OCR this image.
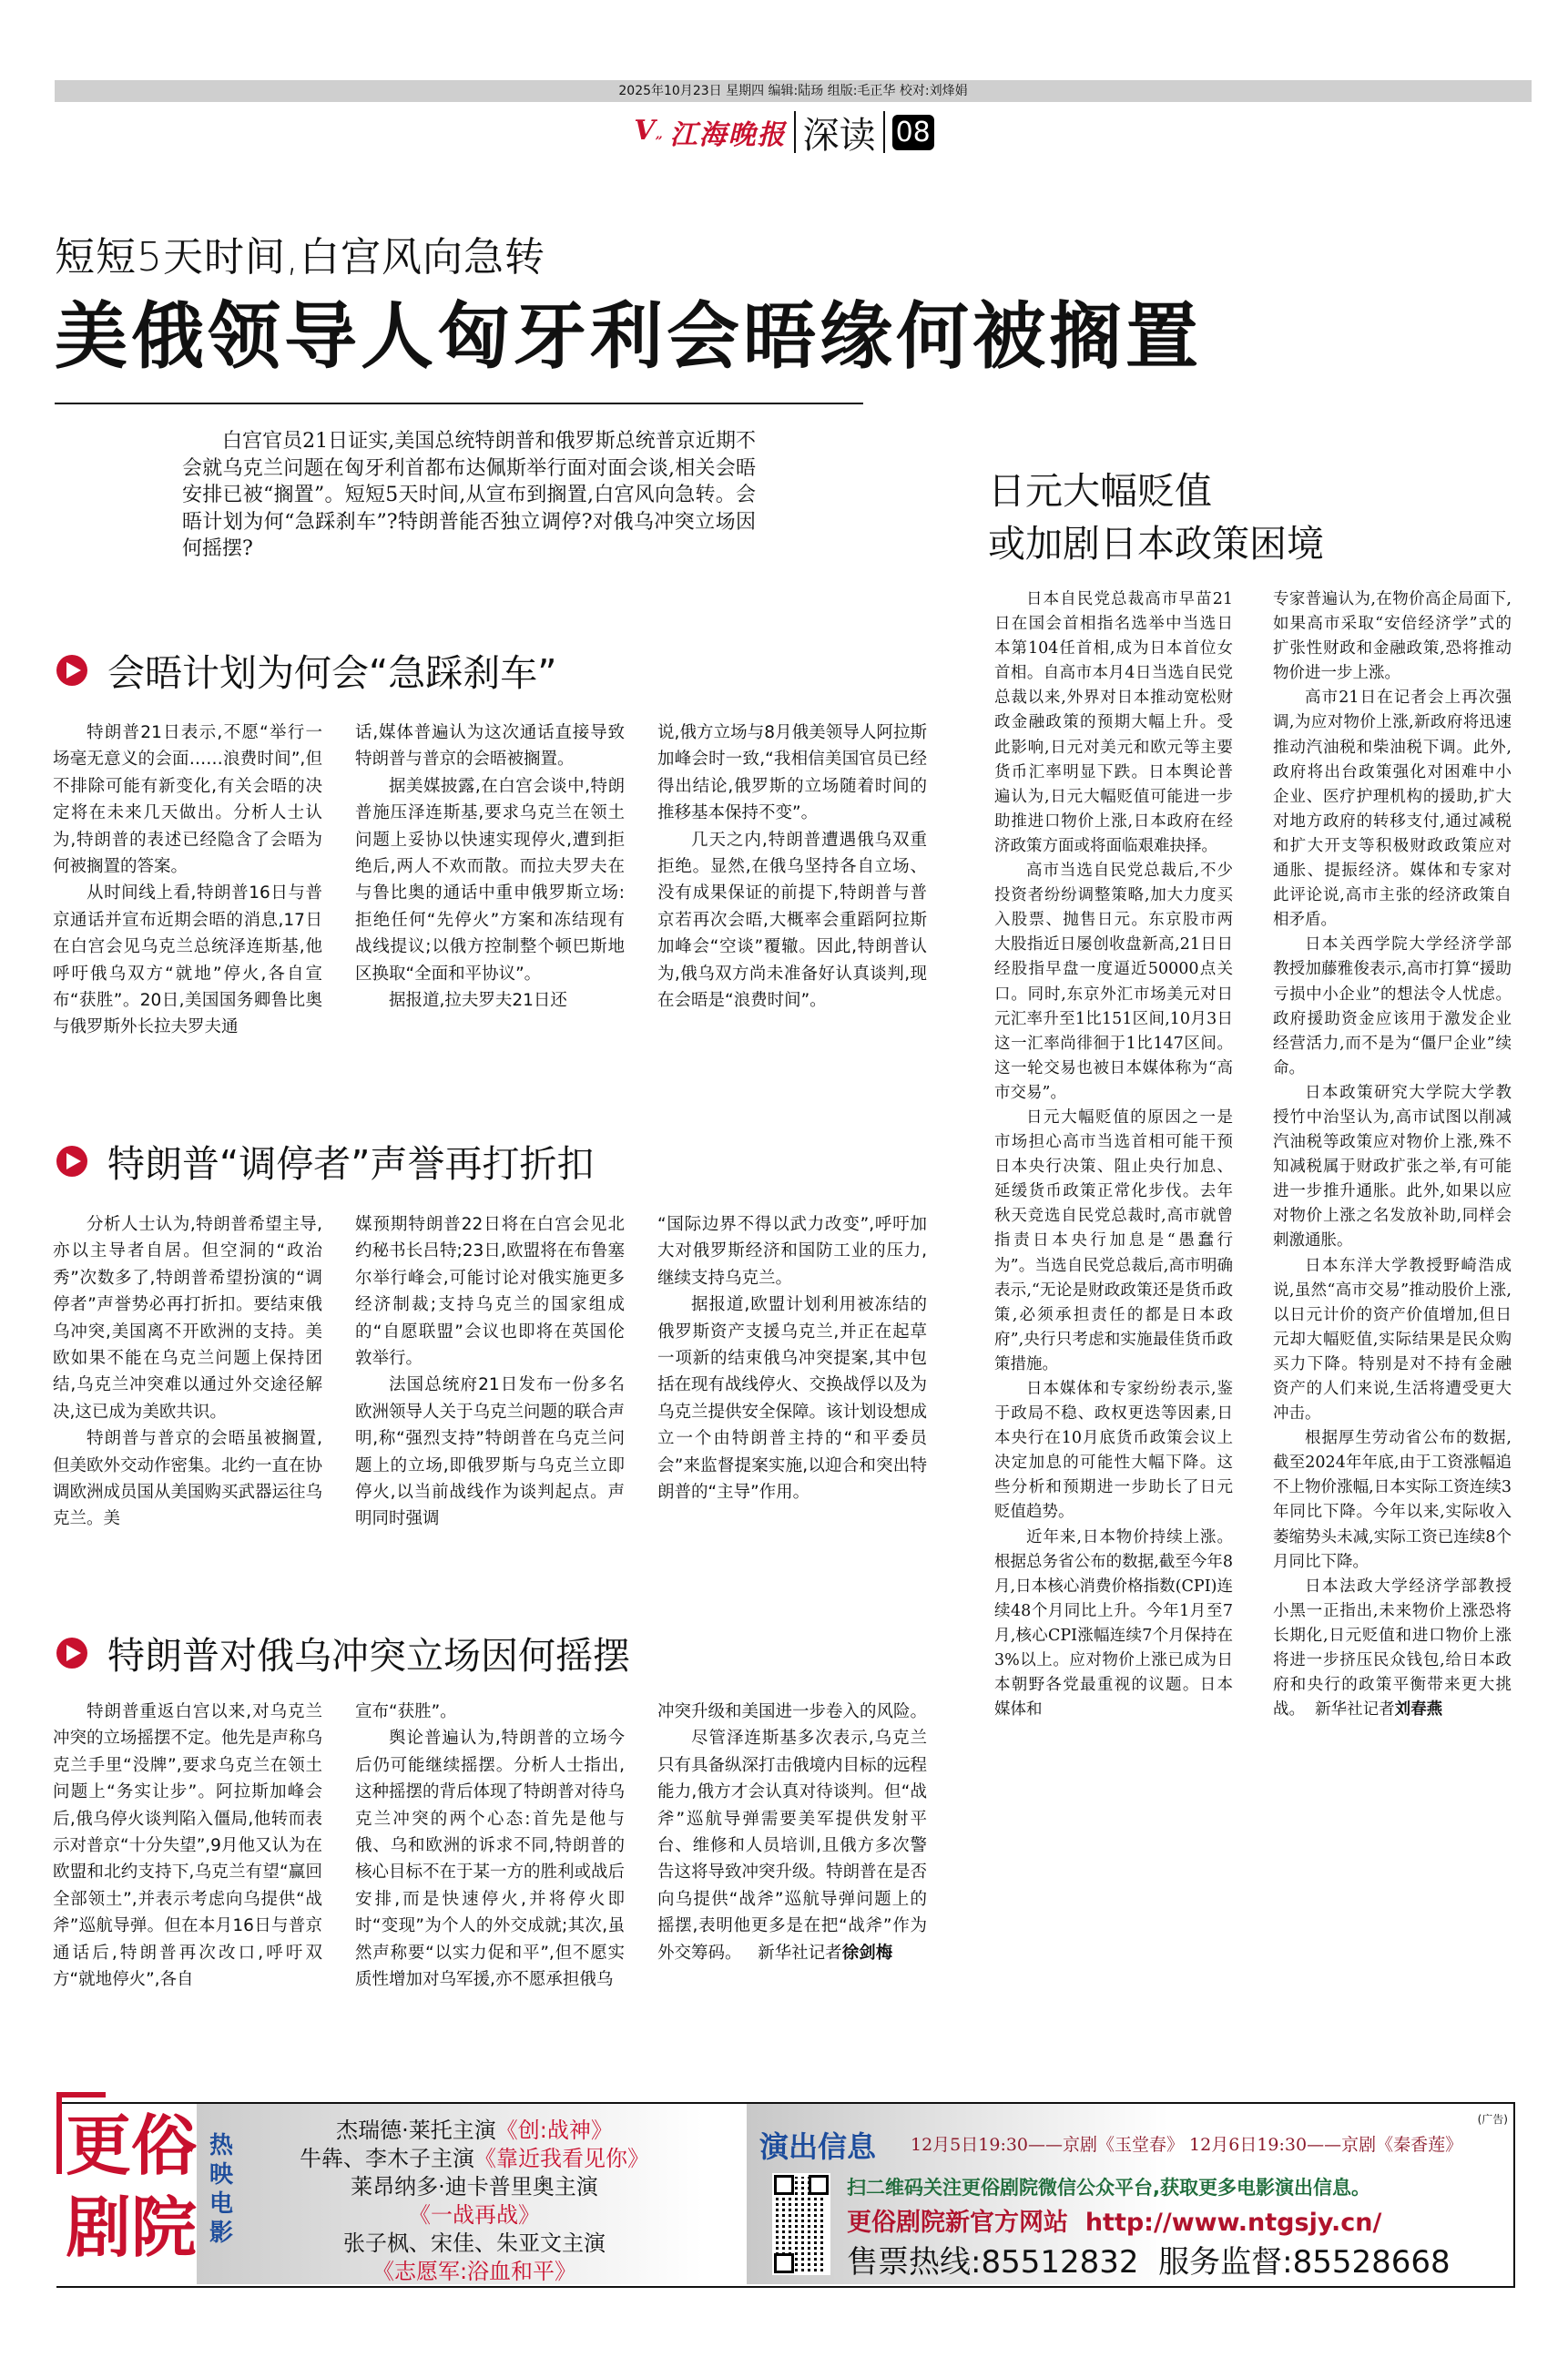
2025年10月23日 星期四 编辑:陆玚 组版:毛正华 校对:刘烽娟
$V_”$ 江海晚报 深读 08
短短5天时间,白宫风向急转
美俄领导人匈牙利会晤缘何被搁置
白宫官员21日证实,美国总统特朗普和俄罗斯总统普京近期不会就乌克兰问题在匈牙利首都布达佩斯举行面对面会谈,相关会晤安排已被“搁置”。短短5天时间,从宣布到搁置,白宫风向急转。会晤计划为何“急踩刹车”?特朗普能否独立调停?对俄乌冲突立场因何摇摆?
日元大幅贬值
或加剧日本政策困境
会晤计划为何会“急踩刹车”

特朗普21日表示,不愿“举行一场毫无意义的会面……浪费时间”,但不排除可能有新变化,有关会晤的决定将在未来几天做出。分析人士认为,特朗普的表述已经隐含了会晤为何被搁置的答案。

从时间线上看,特朗普16日与普京通话并宣布近期会晤的消息,17日在白宫会见乌克兰总统泽连斯基,他呼吁俄乌双方“就地”停火,各自宣布“获胜”。20日,美国国务卿鲁比奥与俄罗斯外长拉夫罗夫通

话,媒体普遍认为这次通话直接导致特朗普与普京的会晤被搁置。

据美媒披露,在白宫会谈中,特朗普施压泽连斯基,要求乌克兰在领土问题上妥协以快速实现停火,遭到拒绝后,两人不欢而散。而拉夫罗夫在与鲁比奥的通话中重申俄罗斯立场:拒绝任何“先停火”方案和冻结现有战线提议;以俄方控制整个顿巴斯地区换取“全面和平协议”。

据报道,拉夫罗夫21日还

说,俄方立场与8月俄美领导人阿拉斯加峰会时一致,“我相信美国官员已经得出结论,俄罗斯的立场随着时间的推移基本保持不变”。

几天之内,特朗普遭遇俄乌双重拒绝。显然,在俄乌坚持各自立场、没有成果保证的前提下,特朗普与普京若再次会晤,大概率会重蹈阿拉斯加峰会“空谈”覆辙。因此,特朗普认为,俄乌双方尚未准备好认真谈判,现在会晤是“浪费时间”。

特朗普“调停者”声誉再打折扣

分析人士认为,特朗普希望主导,亦以主导者自居。但空洞的“政治秀”次数多了,特朗普希望扮演的“调停者”声誉势必再打折扣。要结束俄乌冲突,美国离不开欧洲的支持。美欧如果不能在乌克兰问题上保持团结,乌克兰冲突难以通过外交途径解决,这已成为美欧共识。

特朗普与普京的会晤虽被搁置,但美欧外交动作密集。北约一直在协调欧洲成员国从美国购买武器运往乌克兰。美

媒预期特朗普22日将在白宫会见北约秘书长吕特;23日,欧盟将在布鲁塞尔举行峰会,可能讨论对俄实施更多经济制裁;支持乌克兰的国家组成的“自愿联盟”会议也即将在英国伦敦举行。

法国总统府21日发布一份多名欧洲领导人关于乌克兰问题的联合声明,称“强烈支持”特朗普在乌克兰问题上的立场,即俄罗斯与乌克兰立即停火,以当前战线作为谈判起点。声明同时强调

“国际边界不得以武力改变”,呼吁加大对俄罗斯经济和国防工业的压力,继续支持乌克兰。

据报道,欧盟计划利用被冻结的俄罗斯资产支援乌克兰,并正在起草一项新的结束俄乌冲突提案,其中包括在现有战线停火、交换战俘以及为乌克兰提供安全保障。该计划设想成立一个由特朗普主持的“和平委员会”来监督提案实施,以迎合和突出特朗普的“主导”作用。

特朗普对俄乌冲突立场因何摇摆

特朗普重返白宫以来,对乌克兰冲突的立场摇摆不定。他先是声称乌克兰手里“没牌”,要求乌克兰在领土问题上“务实让步”。阿拉斯加峰会后,俄乌停火谈判陷入僵局,他转而表示对普京“十分失望”,9月他又认为在欧盟和北约支持下,乌克兰有望“赢回全部领土”,并表示考虑向乌提供“战斧”巡航导弹。但在本月16日与普京通话后,特朗普再次改口,呼吁双方“就地停火”,各自

宣布“获胜”。

舆论普遍认为,特朗普的立场今后仍可能继续摇摆。分析人士指出,这种摇摆的背后体现了特朗普对待乌克兰冲突的两个心态:首先是他与俄、乌和欧洲的诉求不同,特朗普的核心目标不在于某一方的胜利或战后安排,而是快速停火,并将停火即时“变现”为个人的外交成就;其次,虽然声称要“以实力促和平”,但不愿实质性增加对乌军援,亦不愿承担俄乌

冲突升级和美国进一步卷入的风险。

尽管泽连斯基多次表示,乌克兰只有具备纵深打击俄境内目标的远程能力,俄方才会认真对待谈判。但“战斧”巡航导弹需要美军提供发射平台、维修和人员培训,且俄方多次警告这将导致冲突升级。特朗普在是否向乌提供“战斧”巡航导弹问题上的摇摆,表明他更多是在把“战斧”作为外交筹码。 新华社记者徐剑梅

日本自民党总裁高市早苗21日在国会首相指名选举中当选日本第104任首相,成为日本首位女首相。自高市本月4日当选自民党总裁以来,外界对日本推动宽松财政金融政策的预期大幅上升。受此影响,日元对美元和欧元等主要货币汇率明显下跌。日本舆论普遍认为,日元大幅贬值可能进一步助推进口物价上涨,日本政府在经济政策方面或将面临艰难抉择。

高市当选自民党总裁后,不少投资者纷纷调整策略,加大力度买入股票、抛售日元。东京股市两大股指近日屡创收盘新高,21日日经股指早盘一度逼近50000点关口。同时,东京外汇市场美元对日元汇率升至1比151区间,10月3日这一汇率尚徘徊于1比147区间。这一轮交易也被日本媒体称为“高市交易”。

日元大幅贬值的原因之一是市场担心高市当选首相可能干预日本央行决策、阻止央行加息、延缓货币政策正常化步伐。去年秋天竞选自民党总裁时,高市就曾指责日本央行加息是“愚蠢行为”。当选自民党总裁后,高市明确表示,“无论是财政政策还是货币政策,必须承担责任的都是日本政府”,央行只考虑和实施最佳货币政策措施。

日本媒体和专家纷纷表示,鉴于政局不稳、政权更迭等因素,日本央行在10月底货币政策会议上决定加息的可能性大幅下降。这些分析和预期进一步助长了日元贬值趋势。

近年来,日本物价持续上涨。根据总务省公布的数据,截至今年8月,日本核心消费价格指数(CPI)连续48个月同比上升。今年1月至7月,核心CPI涨幅连续7个月保持在3%以上。应对物价上涨已成为日本朝野各党最重视的议题。日本媒体和

专家普遍认为,在物价高企局面下,如果高市采取“安倍经济学”式的扩张性财政和金融政策,恐将推动物价进一步上涨。

高市21日在记者会上再次强调,为应对物价上涨,新政府将迅速推动汽油税和柴油税下调。此外,政府将出台政策强化对困难中小企业、医疗护理机构的援助,扩大对地方政府的转移支付,通过减税和扩大开支等积极财政政策应对通胀、提振经济。媒体和专家对此评论说,高市主张的经济政策自相矛盾。

日本关西学院大学经济学部教授加藤雅俊表示,高市打算“援助亏损中小企业”的想法令人忧虑。政府援助资金应该用于激发企业经营活力,而不是为“僵尸企业”续命。

日本政策研究大学院大学教授竹中治坚认为,高市试图以削减汽油税等政策应对物价上涨,殊不知减税属于财政扩张之举,有可能进一步推升通胀。此外,如果以应对物价上涨之名发放补助,同样会刺激通胀。

日本东洋大学教授野崎浩成说,虽然“高市交易”推动股价上涨,以日元计价的资产价值增加,但日元却大幅贬值,实际结果是民众购买力下降。特别是对不持有金融资产的人们来说,生活将遭受更大冲击。

根据厚生劳动省公布的数据,截至2024年年底,由于工资涨幅追不上物价涨幅,日本实际工资连续3年同比下降。今年以来,实际收入萎缩势头未减,实际工资已连续8个月同比下降。

日本法政大学经济学部教授小黑一正指出,未来物价上涨恐将长期化,日元贬值和进口物价上涨将进一步挤压民众钱包,给日本政府和央行的政策平衡带来更大挑战。 新华社记者刘春燕

更俗剧院
热映电影
杰瑞德·莱托主演《创:战神》
牛犇、李木子主演《靠近我看见你》
莱昂纳多·迪卡普里奥主演
《一战再战》
张子枫、宋佳、朱亚文主演
《志愿军:浴血和平》
(广告)
演出信息 12月5日19:30——京剧《玉堂春》 12月6日19:30——京剧《秦香莲》
扫二维码关注更俗剧院微信公众平台,获取更多电影演出信息。
更俗剧院新官方网站 http://www.ntgsjy.cn/
售票热线:85512832 服务监督:85528668
